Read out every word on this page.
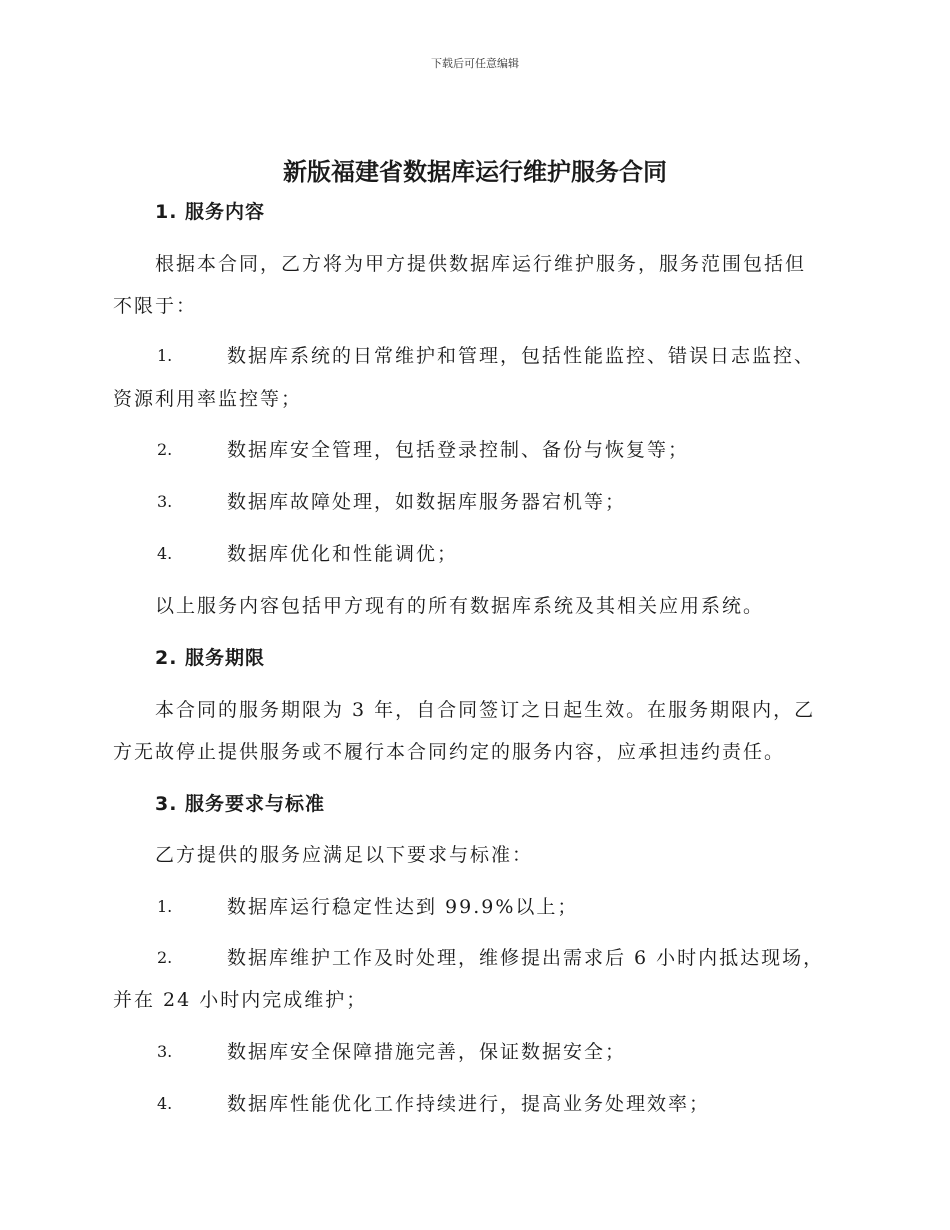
下载后可任意编辑
新版福建省数据库运行维护服务合同
1. 服务内容
根据本合同，乙方将为甲方提供数据库运行维护服务，服务范围包括但
不限于：
1.	数据库系统的日常维护和管理，包括性能监控、错误日志监控、
资源利用率监控等；
2.	数据库安全管理，包括登录控制、备份与恢复等；
3.	数据库故障处理，如数据库服务器宕机等；
4.	数据库优化和性能调优；
以上服务内容包括甲方现有的所有数据库系统及其相关应用系统。
2. 服务期限
本合同的服务期限为 3 年，自合同签订之日起生效。在服务期限内，乙
方无故停止提供服务或不履行本合同约定的服务内容，应承担违约责任。
3. 服务要求与标准
乙方提供的服务应满足以下要求与标准：
1.	数据库运行稳定性达到 99.9%以上；
2.	数据库维护工作及时处理，维修提出需求后 6 小时内抵达现场，
并在 24 小时内完成维护；
3.	数据库安全保障措施完善，保证数据安全；
4.	数据库性能优化工作持续进行，提高业务处理效率；
